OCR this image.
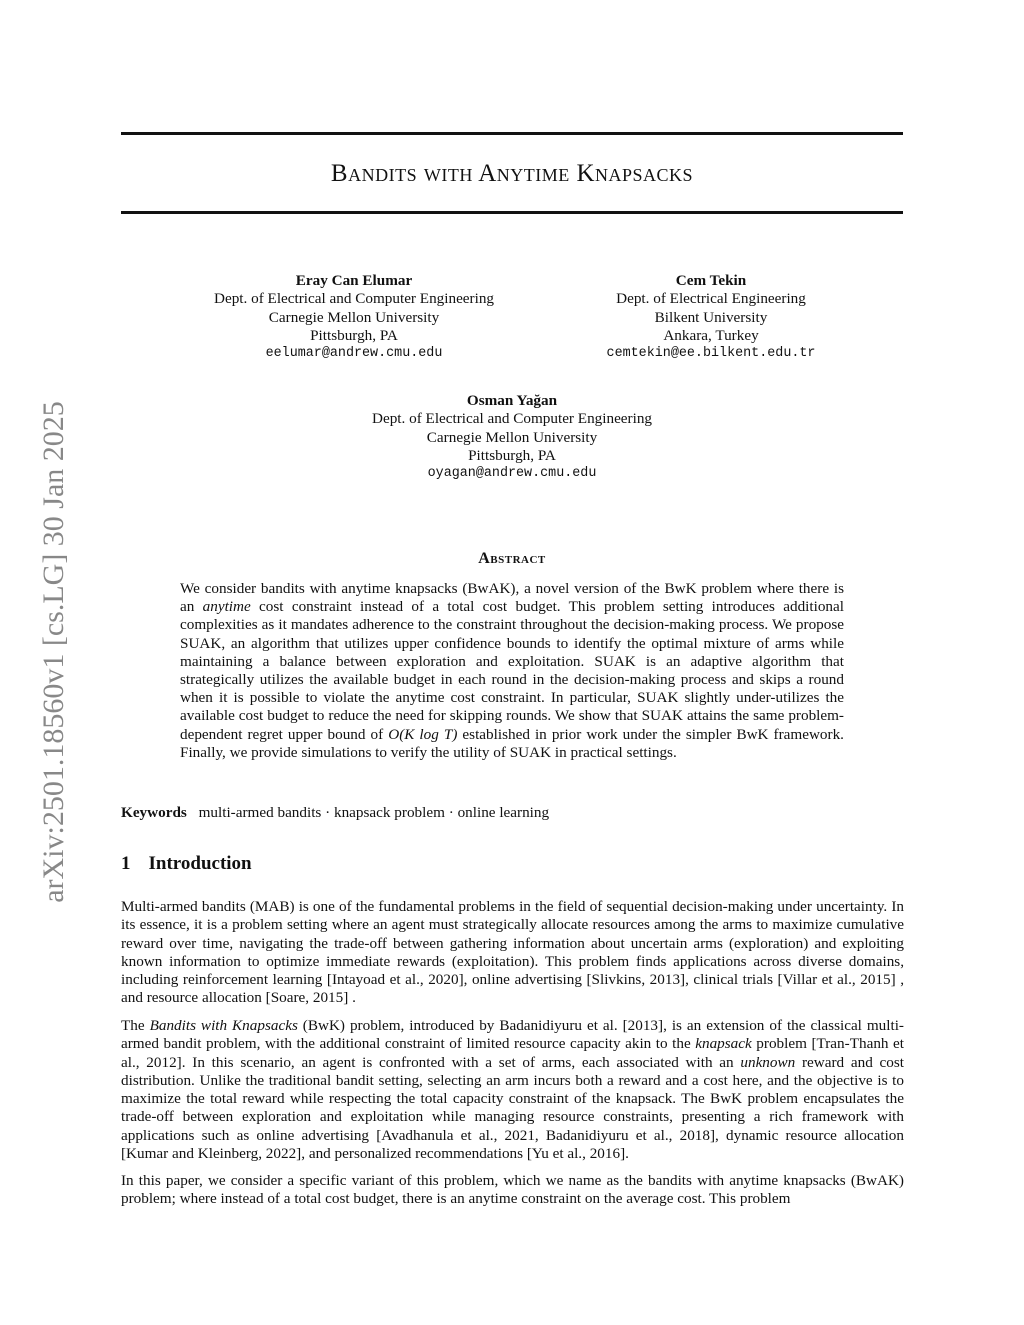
arXiv:2501.18560v1 [cs.LG] 30 Jan 2025
Bandits with Anytime Knapsacks
Eray Can Elumar
Dept. of Electrical and Computer Engineering
Carnegie Mellon University
Pittsburgh, PA
eelumar@andrew.cmu.edu
Cem Tekin
Dept. of Electrical Engineering
Bilkent University
Ankara, Turkey
cemtekin@ee.bilkent.edu.tr
Osman Yağan
Dept. of Electrical and Computer Engineering
Carnegie Mellon University
Pittsburgh, PA
oyagan@andrew.cmu.edu
Abstract
We consider bandits with anytime knapsacks (BwAK), a novel version of the BwK problem where there is an anytime cost constraint instead of a total cost budget. This problem setting introduces additional complexities as it mandates adherence to the constraint throughout the decision-making process. We propose SUAK, an algorithm that utilizes upper confidence bounds to identify the optimal mixture of arms while maintaining a balance between exploration and exploitation. SUAK is an adaptive algorithm that strategically utilizes the available budget in each round in the decision-making process and skips a round when it is possible to violate the anytime cost constraint. In particular, SUAK slightly under-utilizes the available cost budget to reduce the need for skipping rounds. We show that SUAK attains the same problem-dependent regret upper bound of O(K log T) established in prior work under the simpler BwK framework. Finally, we provide simulations to verify the utility of SUAK in practical settings.
Keywords multi-armed bandits · knapsack problem · online learning
1 Introduction
Multi-armed bandits (MAB) is one of the fundamental problems in the field of sequential decision-making under uncertainty. In its essence, it is a problem setting where an agent must strategically allocate resources among the arms to maximize cumulative reward over time, navigating the trade-off between gathering information about uncertain arms (exploration) and exploiting known information to optimize immediate rewards (exploitation). This problem finds applications across diverse domains, including reinforcement learning [Intayoad et al., 2020], online advertising [Slivkins, 2013], clinical trials [Villar et al., 2015] , and resource allocation [Soare, 2015] .
The Bandits with Knapsacks (BwK) problem, introduced by Badanidiyuru et al. [2013], is an extension of the classical multi-armed bandit problem, with the additional constraint of limited resource capacity akin to the knapsack problem [Tran-Thanh et al., 2012]. In this scenario, an agent is confronted with a set of arms, each associated with an unknown reward and cost distribution. Unlike the traditional bandit setting, selecting an arm incurs both a reward and a cost here, and the objective is to maximize the total reward while respecting the total capacity constraint of the knapsack. The BwK problem encapsulates the trade-off between exploration and exploitation while managing resource constraints, presenting a rich framework with applications such as online advertising [Avadhanula et al., 2021, Badanidiyuru et al., 2018], dynamic resource allocation [Kumar and Kleinberg, 2022], and personalized recommendations [Yu et al., 2016].
In this paper, we consider a specific variant of this problem, which we name as the bandits with anytime knapsacks (BwAK) problem; where instead of a total cost budget, there is an anytime constraint on the average cost. This problem
